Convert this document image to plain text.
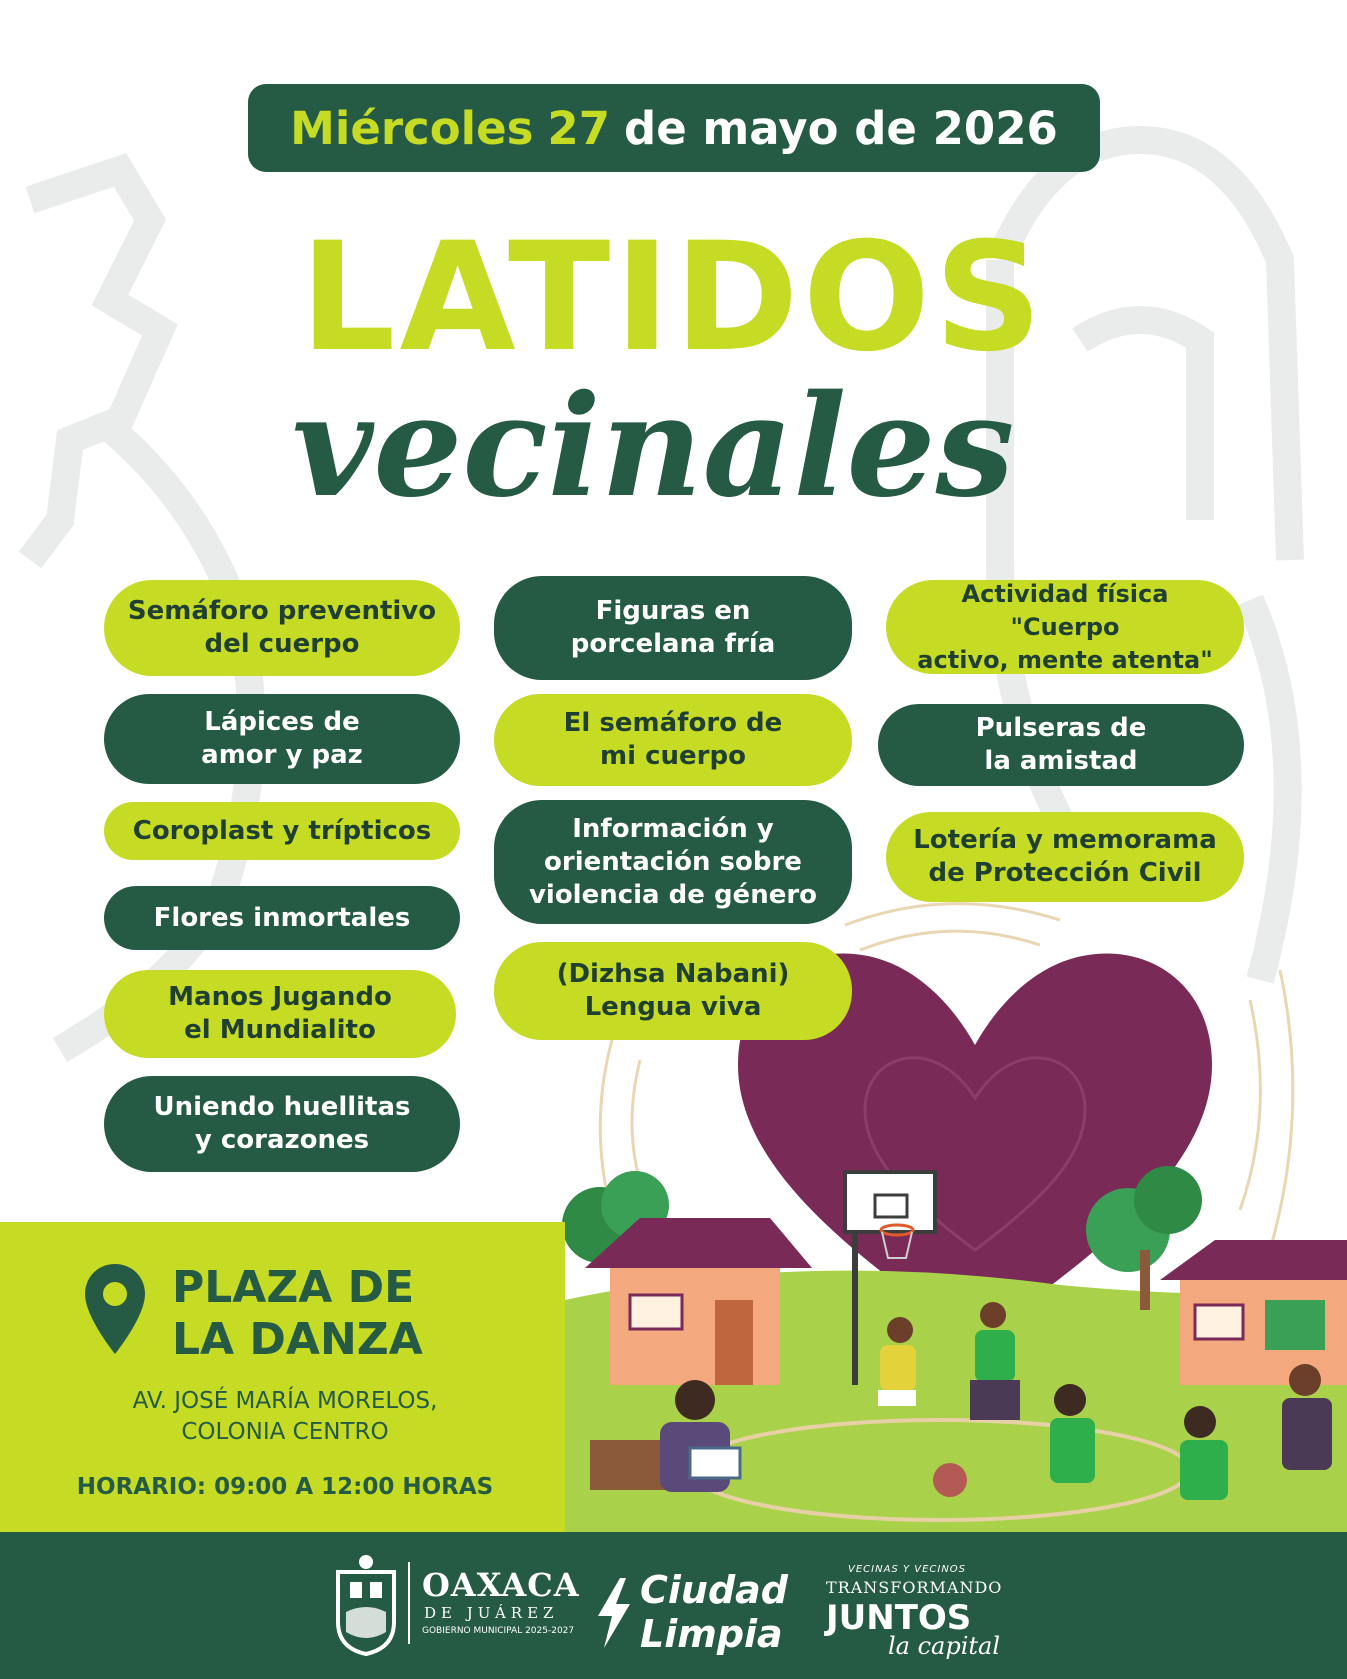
Miércoles 27 de mayo de 2026
LATIDOS
vecinales
Semáforo preventivo
del cuerpo
Lápices de
amor y paz
Coroplast y trípticos
Flores inmortales
Manos Jugando
el Mundialito
Uniendo huellitas
y corazones
Figuras en
porcelana fría
El semáforo de
mi cuerpo
Información y
orientación sobre
violencia de género
(Dizhsa Nabani)
Lengua viva
Actividad física "Cuerpo
activo, mente atenta"
Pulseras de
la amistad
Lotería y memorama
de Protección Civil
PLAZA DE
LA DANZA
AV. JOSÉ MARÍA MORELOS,
COLONIA CENTRO
HORARIO: 09:00 A 12:00 HORAS
OAXACA
DE JUÁREZ
GOBIERNO MUNICIPAL 2025-2027
Ciudad
Limpia
VECINAS Y VECINOS
TRANSFORMANDO
JUNTOS
la capital
